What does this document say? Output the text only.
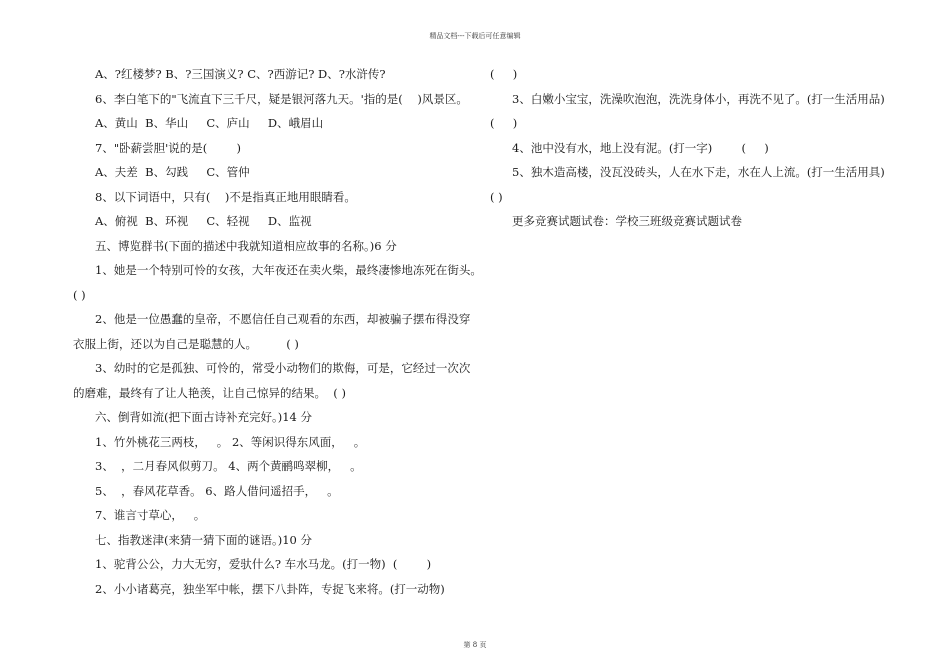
精品文档---下载后可任意编辑
A、?红楼梦? B、?三国演义? C、?西游记? D、?水浒传?
6、李白笔下的"飞流直下三千尺，疑是银河落九天。'指的是(    )风景区。
A、黄山  B、华山     C、庐山     D、峨眉山
7、"卧薪尝胆'说的是(        )
A、夫差  B、勾践     C、管仲
8、以下词语中，只有(    )不是指真正地用眼睛看。
A、俯视  B、环视     C、轻视     D、监视
五、博览群书(下面的描述中我就知道相应故事的名称。)6 分
1、她是一个特别可怜的女孩，大年夜还在卖火柴，最终凄惨地冻死在街头。
( )
2、他是一位愚蠢的皇帝，不愿信任自己观看的东西，却被骗子摆布得没穿
衣服上街，还以为自己是聪慧的人。        ( )
3、幼时的它是孤独、可怜的，常受小动物们的欺侮，可是，它经过一次次
的磨难，最终有了让人艳羡，让自己惊异的结果。  ( )
六、倒背如流(把下面古诗补充完好。)14 分
1、竹外桃花三两枝，   。 2、等闲识得东风面，   。
3、  ，二月春风似剪刀。 4、两个黄鹂鸣翠柳，   。
5、  ，春风花草香。 6、路人借问遥招手，   。
7、谁言寸草心，   。
七、指教迷津(来猜一猜下面的谜语。)10 分
1、驼背公公，力大无穷，爱驮什么? 车水马龙。(打一物)  (        )
2、小小诸葛亮，独坐军中帐，摆下八卦阵，专捉飞来将。(打一动物)
(     )
3、白嫩小宝宝，洗澡吹泡泡，洗洗身体小，再洗不见了。(打一生活用品)
(     )
4、池中没有水，地上没有泥。(打一字)        (     )
5、独木造高楼，没瓦没砖头，人在水下走，水在人上流。(打一生活用具)
( )
更多竞赛试题试卷：学校三班级竞赛试题试卷
第 8 页
